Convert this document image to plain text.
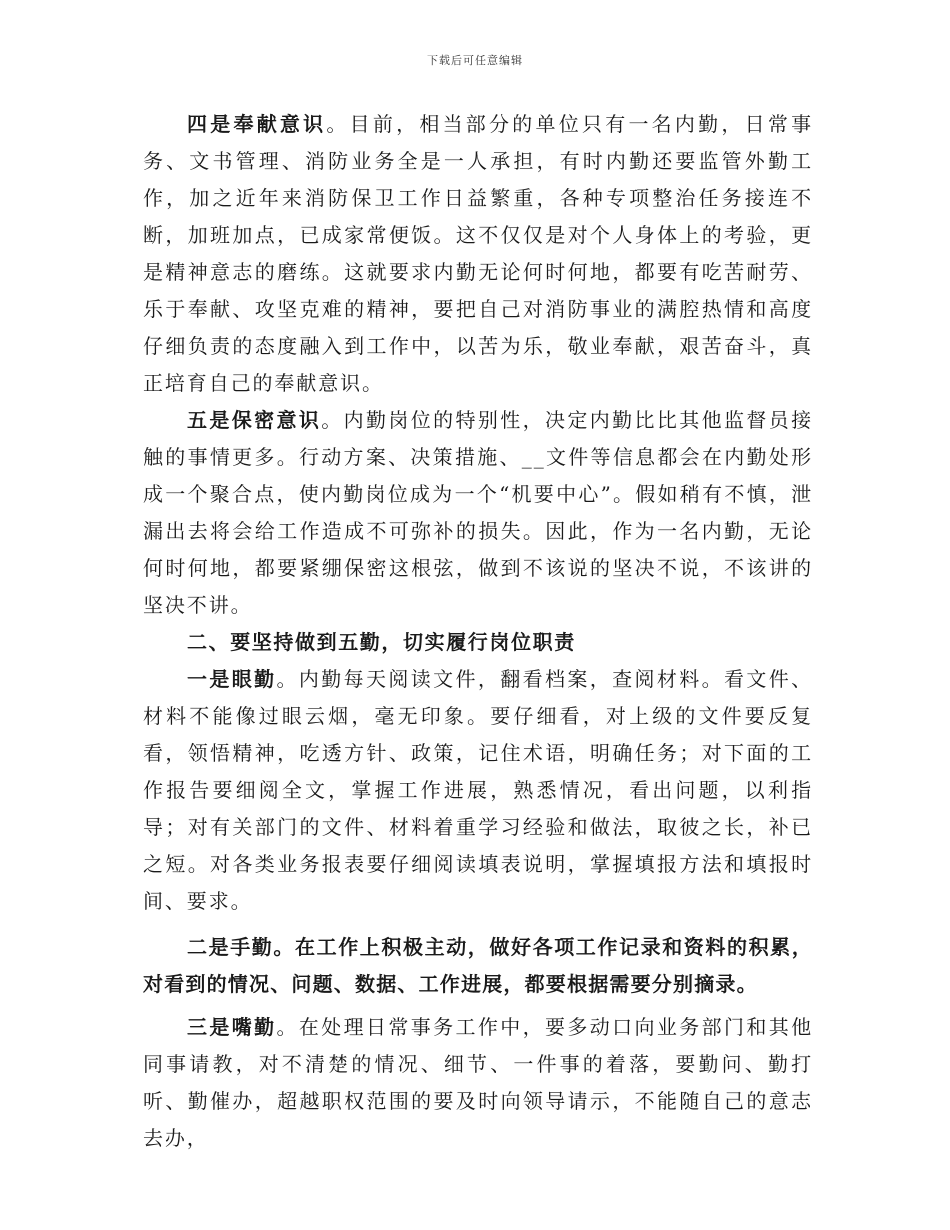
下载后可任意编辑

四是奉献意识。目前，相当部分的单位只有一名内勤，日常事务、文书管理、消防业务全是一人承担，有时内勤还要监管外勤工作，加之近年来消防保卫工作日益繁重，各种专项整治任务接连不断，加班加点，已成家常便饭。这不仅仅是对个人身体上的考验，更是精神意志的磨练。这就要求内勤无论何时何地，都要有吃苦耐劳、乐于奉献、攻坚克难的精神，要把自己对消防事业的满腔热情和高度仔细负责的态度融入到工作中，以苦为乐，敬业奉献，艰苦奋斗，真正培育自己的奉献意识。

五是保密意识。内勤岗位的特别性，决定内勤比比其他监督员接触的事情更多。行动方案、决策措施、__文件等信息都会在内勤处形成一个聚合点，使内勤岗位成为一个“机要中心”。假如稍有不慎，泄漏出去将会给工作造成不可弥补的损失。因此，作为一名内勤，无论何时何地，都要紧绷保密这根弦，做到不该说的坚决不说，不该讲的坚决不讲。

二、要坚持做到五勤，切实履行岗位职责

一是眼勤。内勤每天阅读文件，翻看档案，查阅材料。看文件、材料不能像过眼云烟，毫无印象。要仔细看，对上级的文件要反复看，领悟精神，吃透方针、政策，记住术语，明确任务；对下面的工作报告要细阅全文，掌握工作进展，熟悉情况，看出问题，以利指导；对有关部门的文件、材料着重学习经验和做法，取彼之长，补已之短。对各类业务报表要仔细阅读填表说明，掌握填报方法和填报时间、要求。

二是手勤。在工作上积极主动，做好各项工作记录和资料的积累，对看到的情况、问题、数据、工作进展，都要根据需要分别摘录。

三是嘴勤。在处理日常事务工作中，要多动口向业务部门和其他同事请教，对不清楚的情况、细节、一件事的着落，要勤问、勤打听、勤催办，超越职权范围的要及时向领导请示，不能随自己的意志去办，
